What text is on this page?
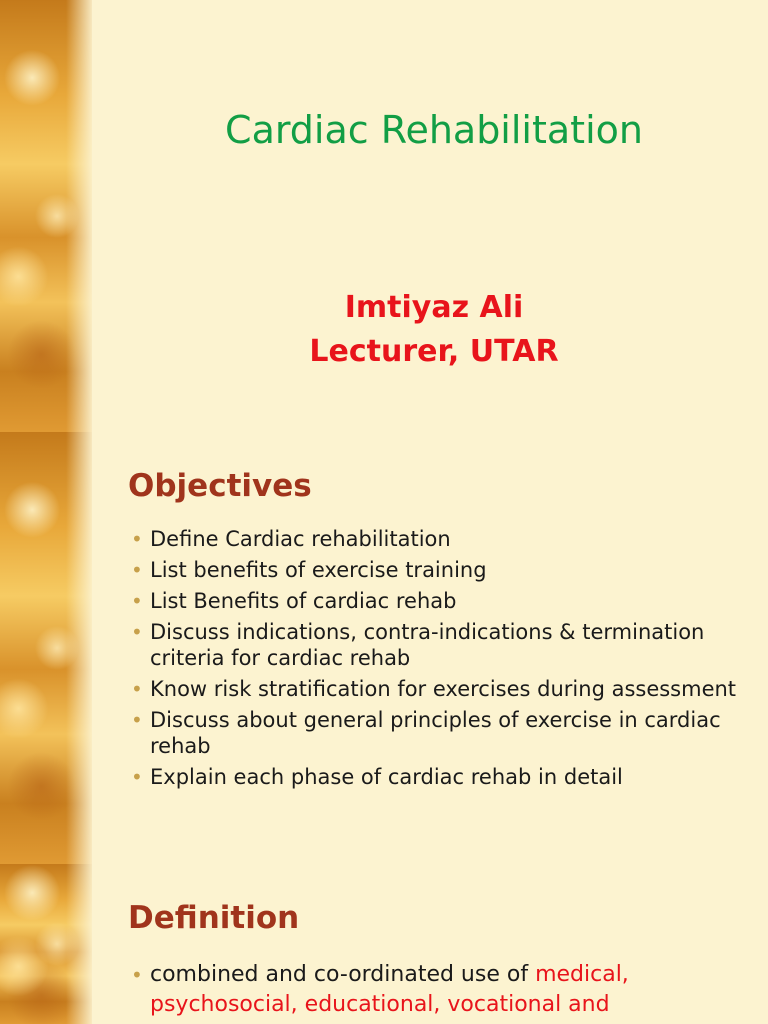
Cardiac Rehabilitation
Imtiyaz Ali
Lecturer, UTAR
Objectives
• Define Cardiac rehabilitation
• List benefits of exercise training
• List Benefits of cardiac rehab
• Discuss indications, contra-indications & termination criteria for cardiac rehab
• Know risk stratification for exercises during assessment
• Discuss about general principles of exercise in cardiac rehab
• Explain each phase of cardiac rehab in detail
Definition
• combined and co-ordinated use of medical,
psychosocial, educational, vocational and
